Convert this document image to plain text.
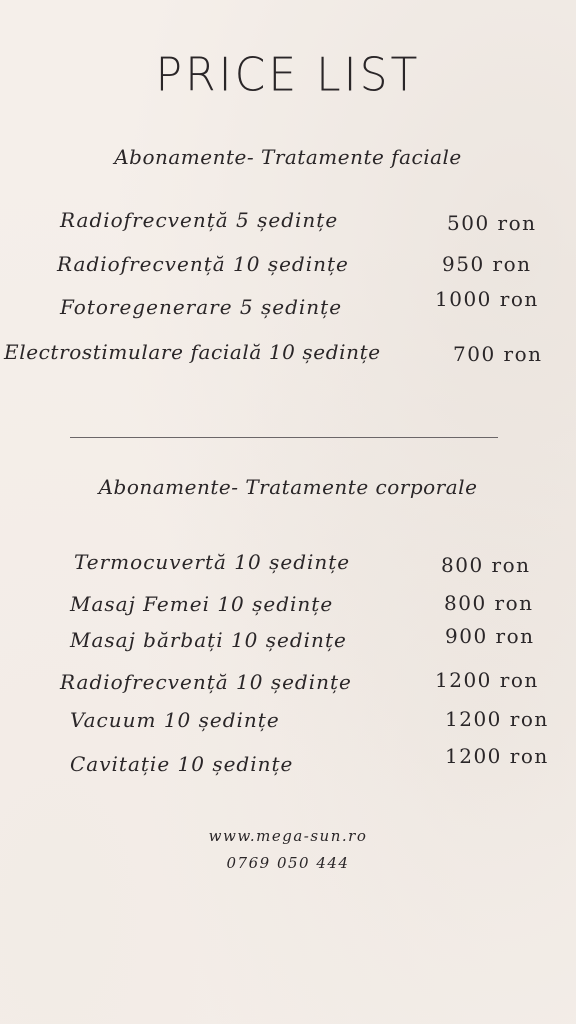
PRICE LIST
Abonamente- Tratamente faciale
Radiofrecvență 5 ședințe	500 ron
Radiofrecvență 10 ședințe	950 ron
Fotoregenerare 5 ședințe	1000 ron
Electrostimulare facială 10 ședințe	700 ron
Abonamente- Tratamente corporale
Termocuvertă 10 ședințe	800 ron
Masaj Femei 10 ședințe	800 ron
Masaj bărbați 10 ședințe	900 ron
Radiofrecvență 10 ședințe	1200 ron
Vacuum 10 ședințe	1200 ron
Cavitație 10 ședințe	1200 ron
www.mega-sun.ro
0769 050 444
